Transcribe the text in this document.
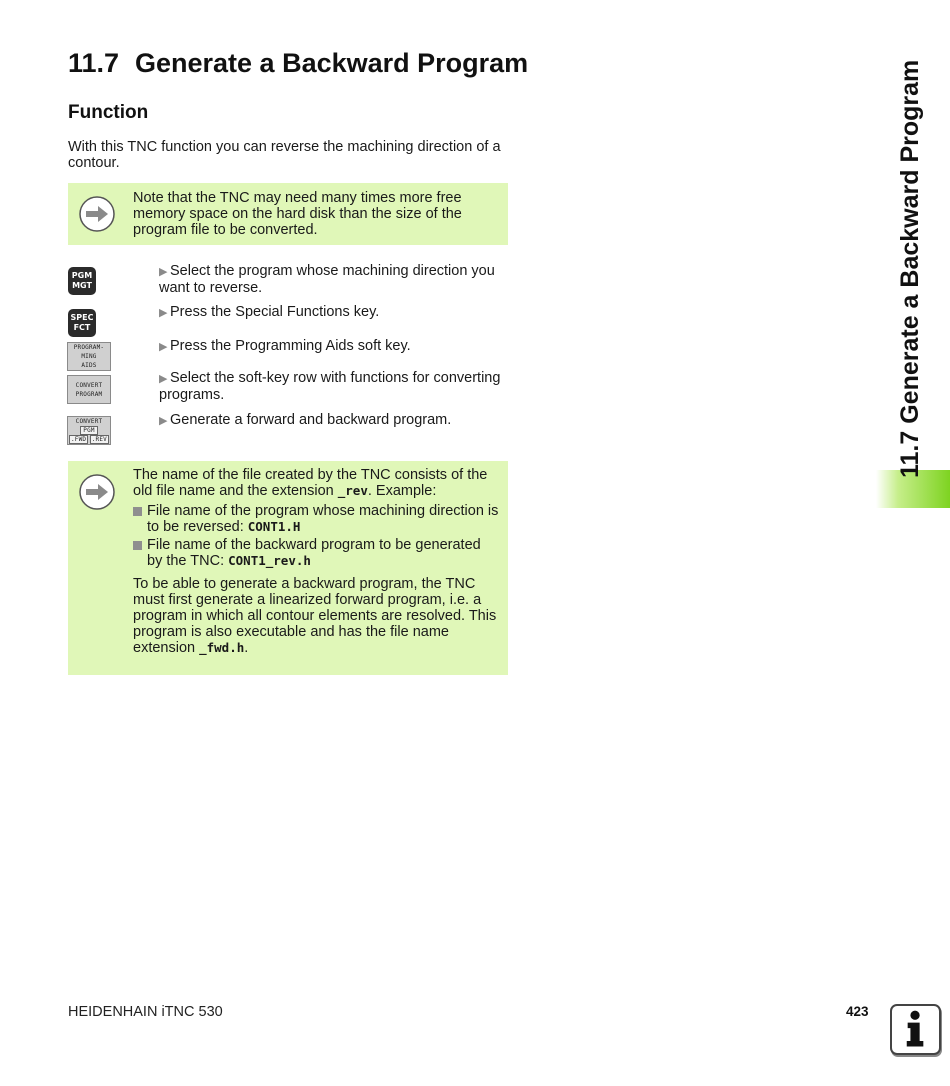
11.7 Generate a Backward Program
Function

With this TNC function you can reverse the machining direction of a contour.

Note that the TNC may need many times more free memory space on the hard disk than the size of the program file to be converted.

PGM
MGT

▶ Select the program whose machining direction you want to reverse.

SPEC
FCT

▶ Press the Special Functions key.

PROGRAM-
MING
AIDS

▶ Press the Programming Aids soft key.

CONVERT
PROGRAM

▶ Select the soft-key row with functions for converting programs.

CONVERT
PGM
.FWD .REV

▶ Generate a forward and backward program.

The name of the file created by the TNC consists of the old file name and the extension _rev. Example:

File name of the program whose machining direction is to be reversed: CONT1.H
File name of the backward program to be generated by the TNC: CONT1_rev.h

To be able to generate a backward program, the TNC must first generate a linearized forward program, i.e. a program in which all contour elements are resolved. This program is also executable and has the file name extension _fwd.h.

11.7 Generate a Backward Program
HEIDENHAIN iTNC 530	423
